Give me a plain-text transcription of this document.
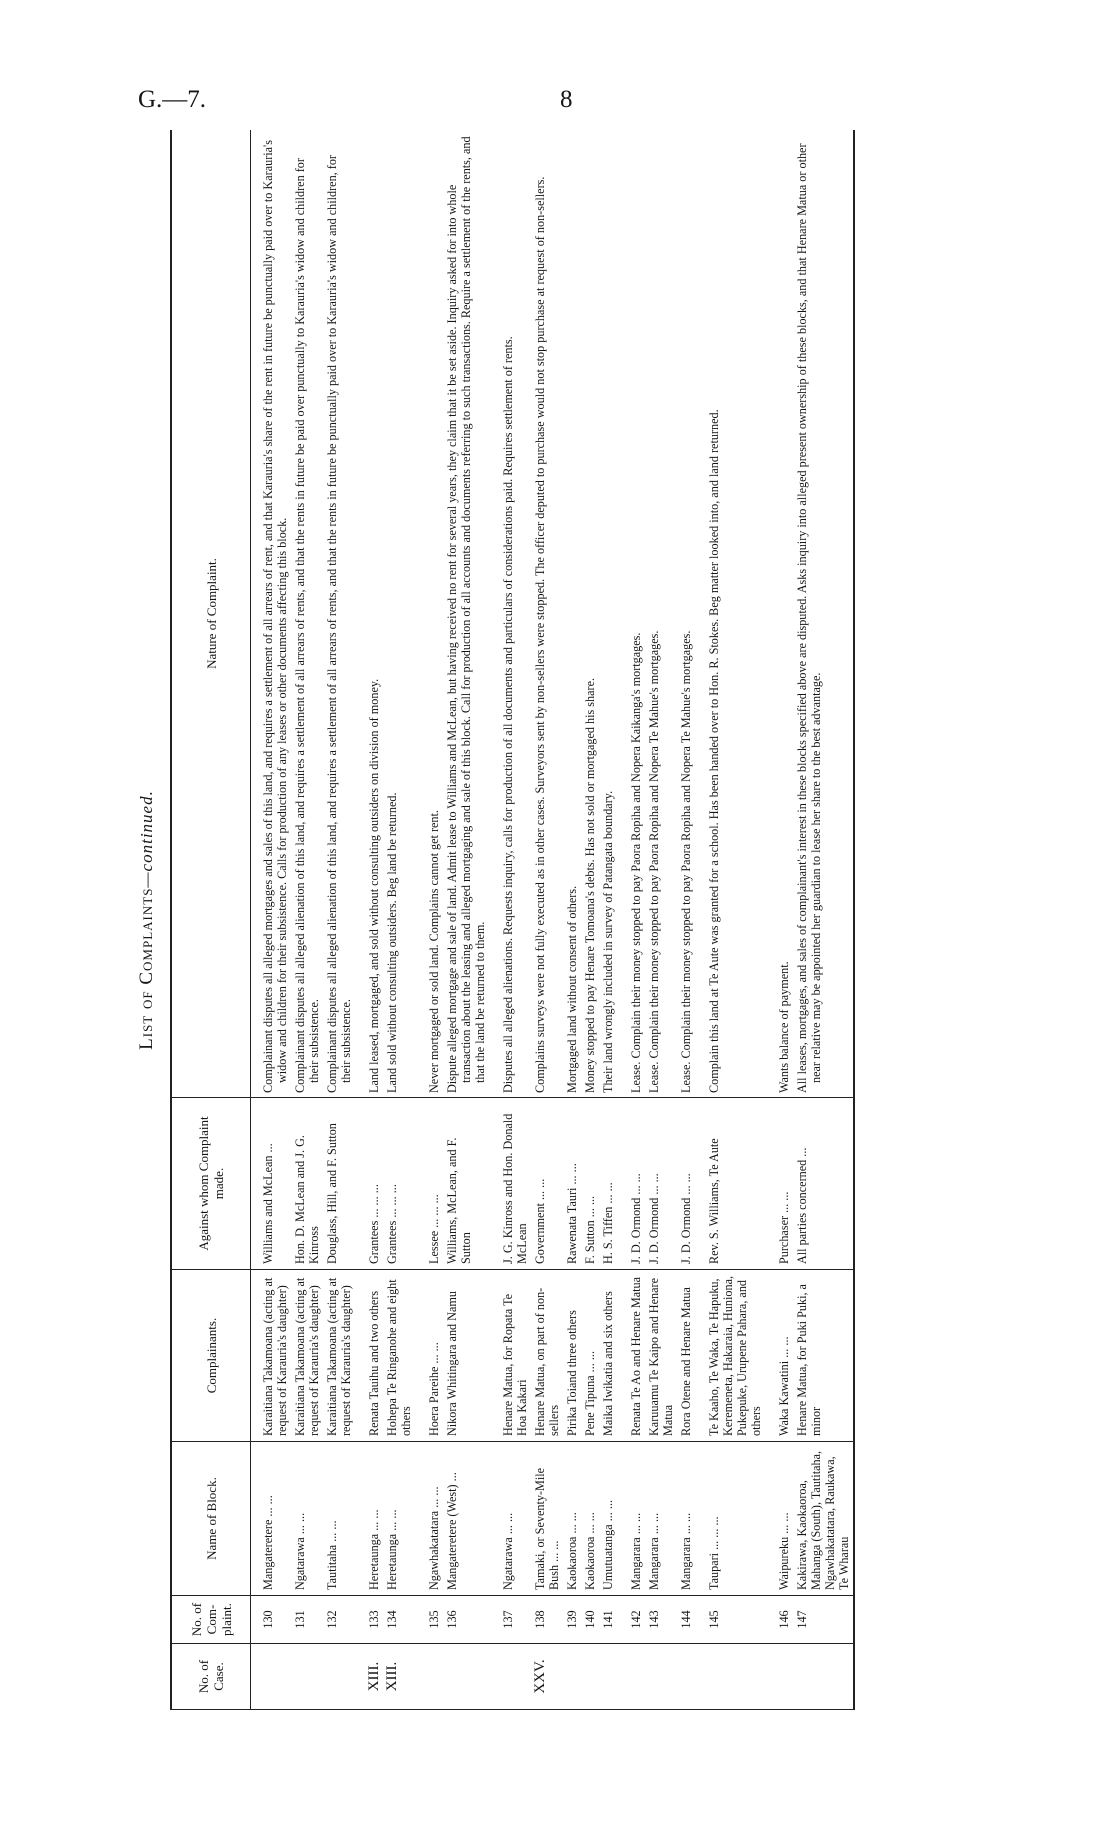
G.—7.	8
List of Complaints—continued.
No. of Case.	No. of Com-plaint.	Name of Block.	Complainants.	Against whom Complaint made.	Nature of Complaint.
	130	Mangateretere ... ...	Karaitiana Takamoana (acting at request of Karauria's daughter)	Williams and McLean ...	Complainant disputes all alleged mortgages and sales of this land, and requires a settlement of all arrears of rent, and that Karauria's share of the rent in future be punctually paid over to Karauria's widow and children for their subsistence. Calls for production of any leases or other documents affecting this block.
	131	Ngatarawa ... ...	Karaitiana Takamoana (acting at request of Karauria's daughter)	Hon. D. McLean and J. G. Kinross	Complainant disputes all alleged alienation of this land, and requires a settlement of all arrears of rents, and that the rents in future be paid over punctually to Karauria's widow and children for their subsistence.
	132	Tautitaha ... ...	Karaitiana Takamoana (acting at request of Karauria's daughter)	Douglass, Hill, and F. Sutton	Complainant disputes all alleged alienation of this land, and requires a settlement of all arrears of rents, and that the rents in future be punctually paid over to Karauria's widow and children, for their subsistence.
XIII.	133	Heretaunga ... ...	Renata Tauihu and two others	Grantees ... ... ...	Land leased, mortgaged, and sold without consulting outsiders on division of money.
XIII.	134	Heretaunga ... ...	Hohepa Te Ringanohe and eight others	Grantees ... ... ...	Land sold without consulting outsiders. Beg land be returned.
	135	Ngawhakatatara ... ...	Hoera Pareihe ... ...	Lessee ... ... ...	Never mortgaged or sold land. Complains cannot get rent.
	136	Mangateretere (West) ...	Nikora Whitingara and Namu	Williams, McLean, and F. Sutton	Dispute alleged mortgage and sale of land. Admit lease to Williams and McLean, but having received no rent for several years, they claim that it be set aside. Inquiry asked for into whole transaction about the leasing and alleged mortgaging and sale of this block. Call for production of all accounts and documents referring to such transactions. Require a settlement of the rents, and that the land be returned to them.
	137	Ngatarawa ... ...	Henare Matua, for Ropata Te Hoa Kakari	J. G. Kinross and Hon. Donald McLean	Disputes all alleged alienations. Requests inquiry, calls for production of all documents and particulars of considerations paid. Requires settlement of rents.
XXV.	138	Tamaki, or Seventy-Mile Bush ... ...	Henare Matua, on part of non-sellers	Government ... ...	Complains surveys were not fully executed as in other cases. Surveyors sent by non-sellers were stopped. The officer deputed to purchase would not stop purchase at request of non-sellers.
	139	Kaokaoroa ... ...	Pirika Toiand three others	Rawenata Tauri ... ...	Mortgaged land without consent of others.
	140	Kaokaoroa ... ...	Pene Tipuna ... ...	F. Sutton ... ...	Money stopped to pay Henare Tomoana's debts. Has not sold or mortgaged his share.
	141	Umutuatanga ... ...	Maika Iwikatia and six others	H. S. Tiffen ... ...	Their land wrongly included in survey of Patangata boundary.
	142	Mangarara ... ...	Renata Te Ao and Henare Matua	J. D. Ormond ... ...	Lease. Complain their money stopped to pay Paora Ropiha and Nopera Kaikanga's mortgages.
	143	Mangarara ... ...	Karuuamu Te Kaipo and Henare Matua	J. D. Ormond ... ...	Lease. Complain their money stopped to pay Paora Ropiha and Nopera Te Mahue's mortgages.
	144	Mangarara ... ...	Rora Otene and Henare Matua	J. D. Ormond ... ...	Lease. Complain their money stopped to pay Paora Ropiha and Nopera Te Mahue's mortgages.
	145	Taupari ... ... ...	Te Kaaho, Te Waka, Te Hapuku, Keremeneta, Hakaraia, Huniona, Pukepuke, Urupene Pahara, and others	Rev. S. Williams, Te Aute	Complain this land at Te Aute was granted for a school. Has been handed over to Hon. R. Stokes. Beg matter looked into, and land returned.
	146	Waipureku ... ...	Waka Kawatini ... ...	Purchaser ... ...	Wants balance of payment.
	147	Kakirawa, Kaokaoroa, Mahanga (South), Tautitaha, Ngawhakatatara, Raukawa, Te Wharau	Henare Matua, for Puki Puki, a minor	All parties concerned ...	All leases, mortgages, and sales of complainant's interest in these blocks specified above are disputed. Asks inquiry into alleged present ownership of these blocks, and that Henare Matua or other near relative may be appointed her guardian to lease her share to the best advantage.
